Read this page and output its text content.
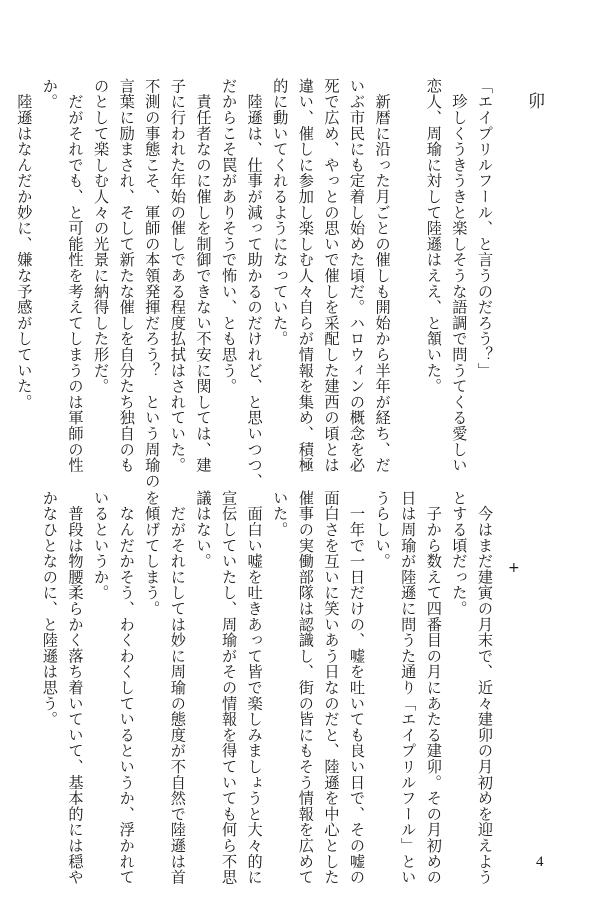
卯

「エイプリルフール、と言うのだろう？」

　珍しくうきうきと楽しそうな語調で問うてくる愛しい

恋人、周瑜に対して陸遜はええ、と頷いた。

　新暦に沿った月ごとの催しも開始から半年が経ち、だ

いぶ市民にも定着し始めた頃だ。ハロウィンの概念を必

死で広め、やっとの思いで催しを采配した建西の頃とは

違い、催しに参加し楽しむ人々自らが情報を集め、積極

的に動いてくれるようになっていた。

　陸遜は、仕事が減って助かるのだけれど、と思いつつ、

だからこそ罠がありそうで怖い、とも思う。

　責任者なのに催しを制御できない不安に関しては、建

子に行われた年始の催しである程度払拭はされていた。

不測の事態こそ、軍師の本領発揮だろう？　という周瑜の

言葉に励まされ、そして新たな催しを自分たち独自のも

のとして楽しむ人々の光景に納得した形だ。

　だがそれでも、と可能性を考えてしまうのは軍師の性

か。

　陸遜はなんだか妙に、嫌な予感がしていた。

+

　今はまだ建寅の月末で、近々建卯の月初めを迎えよう

とする頃だった。

　子から数えて四番目の月にあたる建卯。その月初めの

日は周瑜が陸遜に問うた通り「エイプリルフール」とい

うらしい。

　一年で一日だけの、嘘を吐いても良い日で、その嘘の

面白さを互いに笑いあう日なのだと、陸遜を中心とした

催事の実働部隊は認識し、街の皆にもそう情報を広めて

いた。

　面白い嘘を吐きあって皆で楽しみましょうと大々的に

宣伝していたし、周瑜がその情報を得ていても何ら不思

議はない。

　だがそれにしては妙に周瑜の態度が不自然で陸遜は首

を傾げてしまう。

　なんだかそう、わくわくしているというか、浮かれて

いるというか。

　普段は物腰柔らかく落ち着いていて、基本的には穏や

かなひとなのに、と陸遜は思う。

4
